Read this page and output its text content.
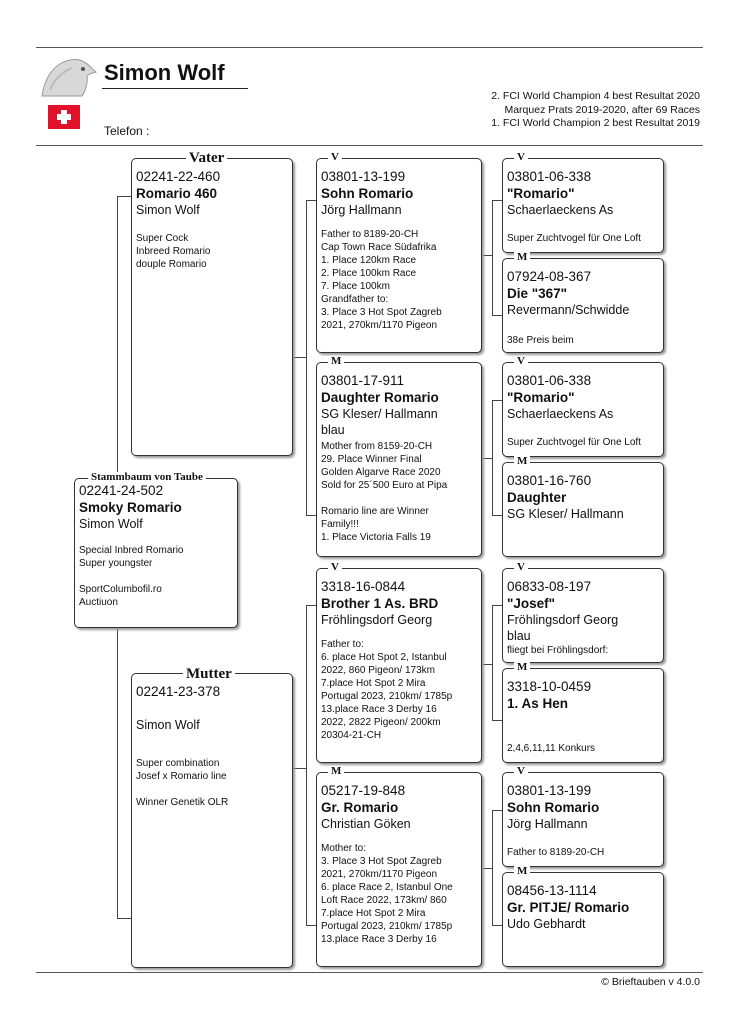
Simon Wolf
Telefon :
2. FCI World Champion 4 best Resultat 2020
Marquez Prats 2019-2020, after 69 Races
1. FCI World Champion 2 best Resultat 2019
02241-24-502
Smoky Romario
Simon Wolf
Special Inbred Romario
Super youngster

SportColumbofil.ro
Auctiuon
Stammbaum von Taube
02241-22-460
Romario 460
Simon Wolf
Super Cock
Inbreed Romario
douple Romario
Vater
02241-23-378
Simon Wolf
Super combination
Josef x Romario line

Winner Genetik OLR
Mutter
03801-13-199
Sohn Romario
Jörg Hallmann
Father to 8189-20-CH
Cap Town Race Südafrika
1. Place 120km Race
2. Place 100km Race
7. Place 100km
Grandfather to:
3. Place 3 Hot Spot Zagreb
2021, 270km/1170 Pigeon
V
03801-17-911
Daughter Romario
SG Kleser/ Hallmann
blau
Mother from 8159-20-CH
29. Place Winner Final
Golden Algarve Race 2020
Sold for 25´500 Euro at Pipa

Romario line are Winner
Family!!!
1. Place Victoria Falls 19
M
3318-16-0844
Brother 1 As. BRD
Fröhlingsdorf Georg
Father to:
6. place Hot Spot 2, Istanbul
2022, 860 Pigeon/ 173km
7.place Hot Spot 2 Mira
Portugal 2023, 210km/ 1785p
13.place Race 3 Derby 16
2022, 2822 Pigeon/ 200km
20304-21-CH
V
05217-19-848
Gr. Romario
Christian Göken
Mother to:
3. Place 3 Hot Spot Zagreb
2021, 270km/1170 Pigeon
6. place Race 2, Istanbul One
Loft Race 2022, 173km/ 860
7.place Hot Spot 2 Mira
Portugal 2023, 210km/ 1785p
13.place Race 3 Derby 16
M
03801-06-338
"Romario"
Schaerlaeckens As
Super Zuchtvogel für One Loft
V
07924-08-367
Die "367"
Revermann/Schwidde
38e Preis beim
M
03801-06-338
"Romario"
Schaerlaeckens As
Super Zuchtvogel für One Loft
V
03801-16-760
Daughter
SG Kleser/ Hallmann
M
06833-08-197
"Josef"
Fröhlingsdorf Georg
blau
fliegt bei Fröhlingsdorf:
V
3318-10-0459
1. As Hen
2,4,6,11,11 Konkurs
M
03801-13-199
Sohn Romario
Jörg Hallmann
Father to 8189-20-CH
V
08456-13-1114
Gr. PITJE/ Romario
Udo Gebhardt
M
© Brieftauben v 4.0.0
